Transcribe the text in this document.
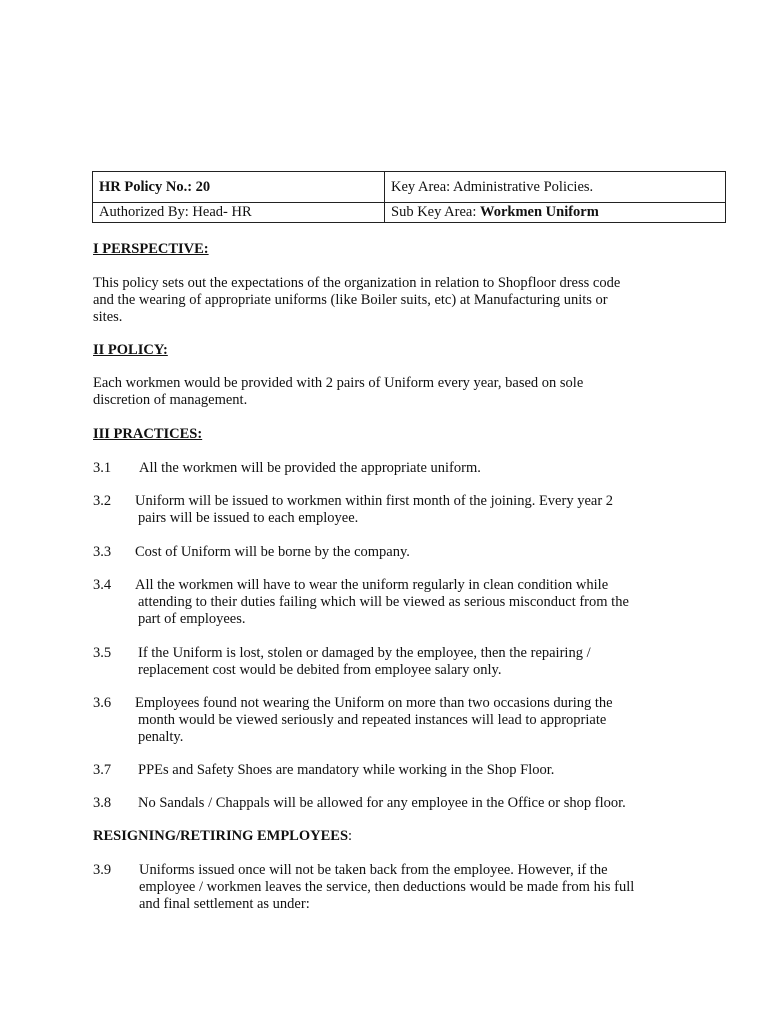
HR Policy No.: 20	Key Area: Administrative Policies.
Authorized By: Head- HR	Sub Key Area: Workmen Uniform
I PERSPECTIVE:
This policy sets out the expectations of the organization in relation to Shopfloor dress code
and the wearing of appropriate uniforms (like Boiler suits, etc) at Manufacturing units or
sites.
II POLICY:
Each workmen would be provided with 2 pairs of Uniform every year, based on sole
discretion of management.
III PRACTICES:
3.1 All the workmen will be provided the appropriate uniform.
3.2 Uniform will be issued to workmen within first month of the joining. Every year 2
pairs will be issued to each employee.
3.3 Cost of Uniform will be borne by the company.
3.4 All the workmen will have to wear the uniform regularly in clean condition while
attending to their duties failing which will be viewed as serious misconduct from the
part of employees.
3.5 If the Uniform is lost, stolen or damaged by the employee, then the repairing /
replacement cost would be debited from employee salary only.
3.6 Employees found not wearing the Uniform on more than two occasions during the
month would be viewed seriously and repeated instances will lead to appropriate
penalty.
3.7 PPEs and Safety Shoes are mandatory while working in the Shop Floor.
3.8 No Sandals / Chappals will be allowed for any employee in the Office or shop floor.
RESIGNING/RETIRING EMPLOYEES:
3.9 Uniforms issued once will not be taken back from the employee. However, if the
employee / workmen leaves the service, then deductions would be made from his full
and final settlement as under:
